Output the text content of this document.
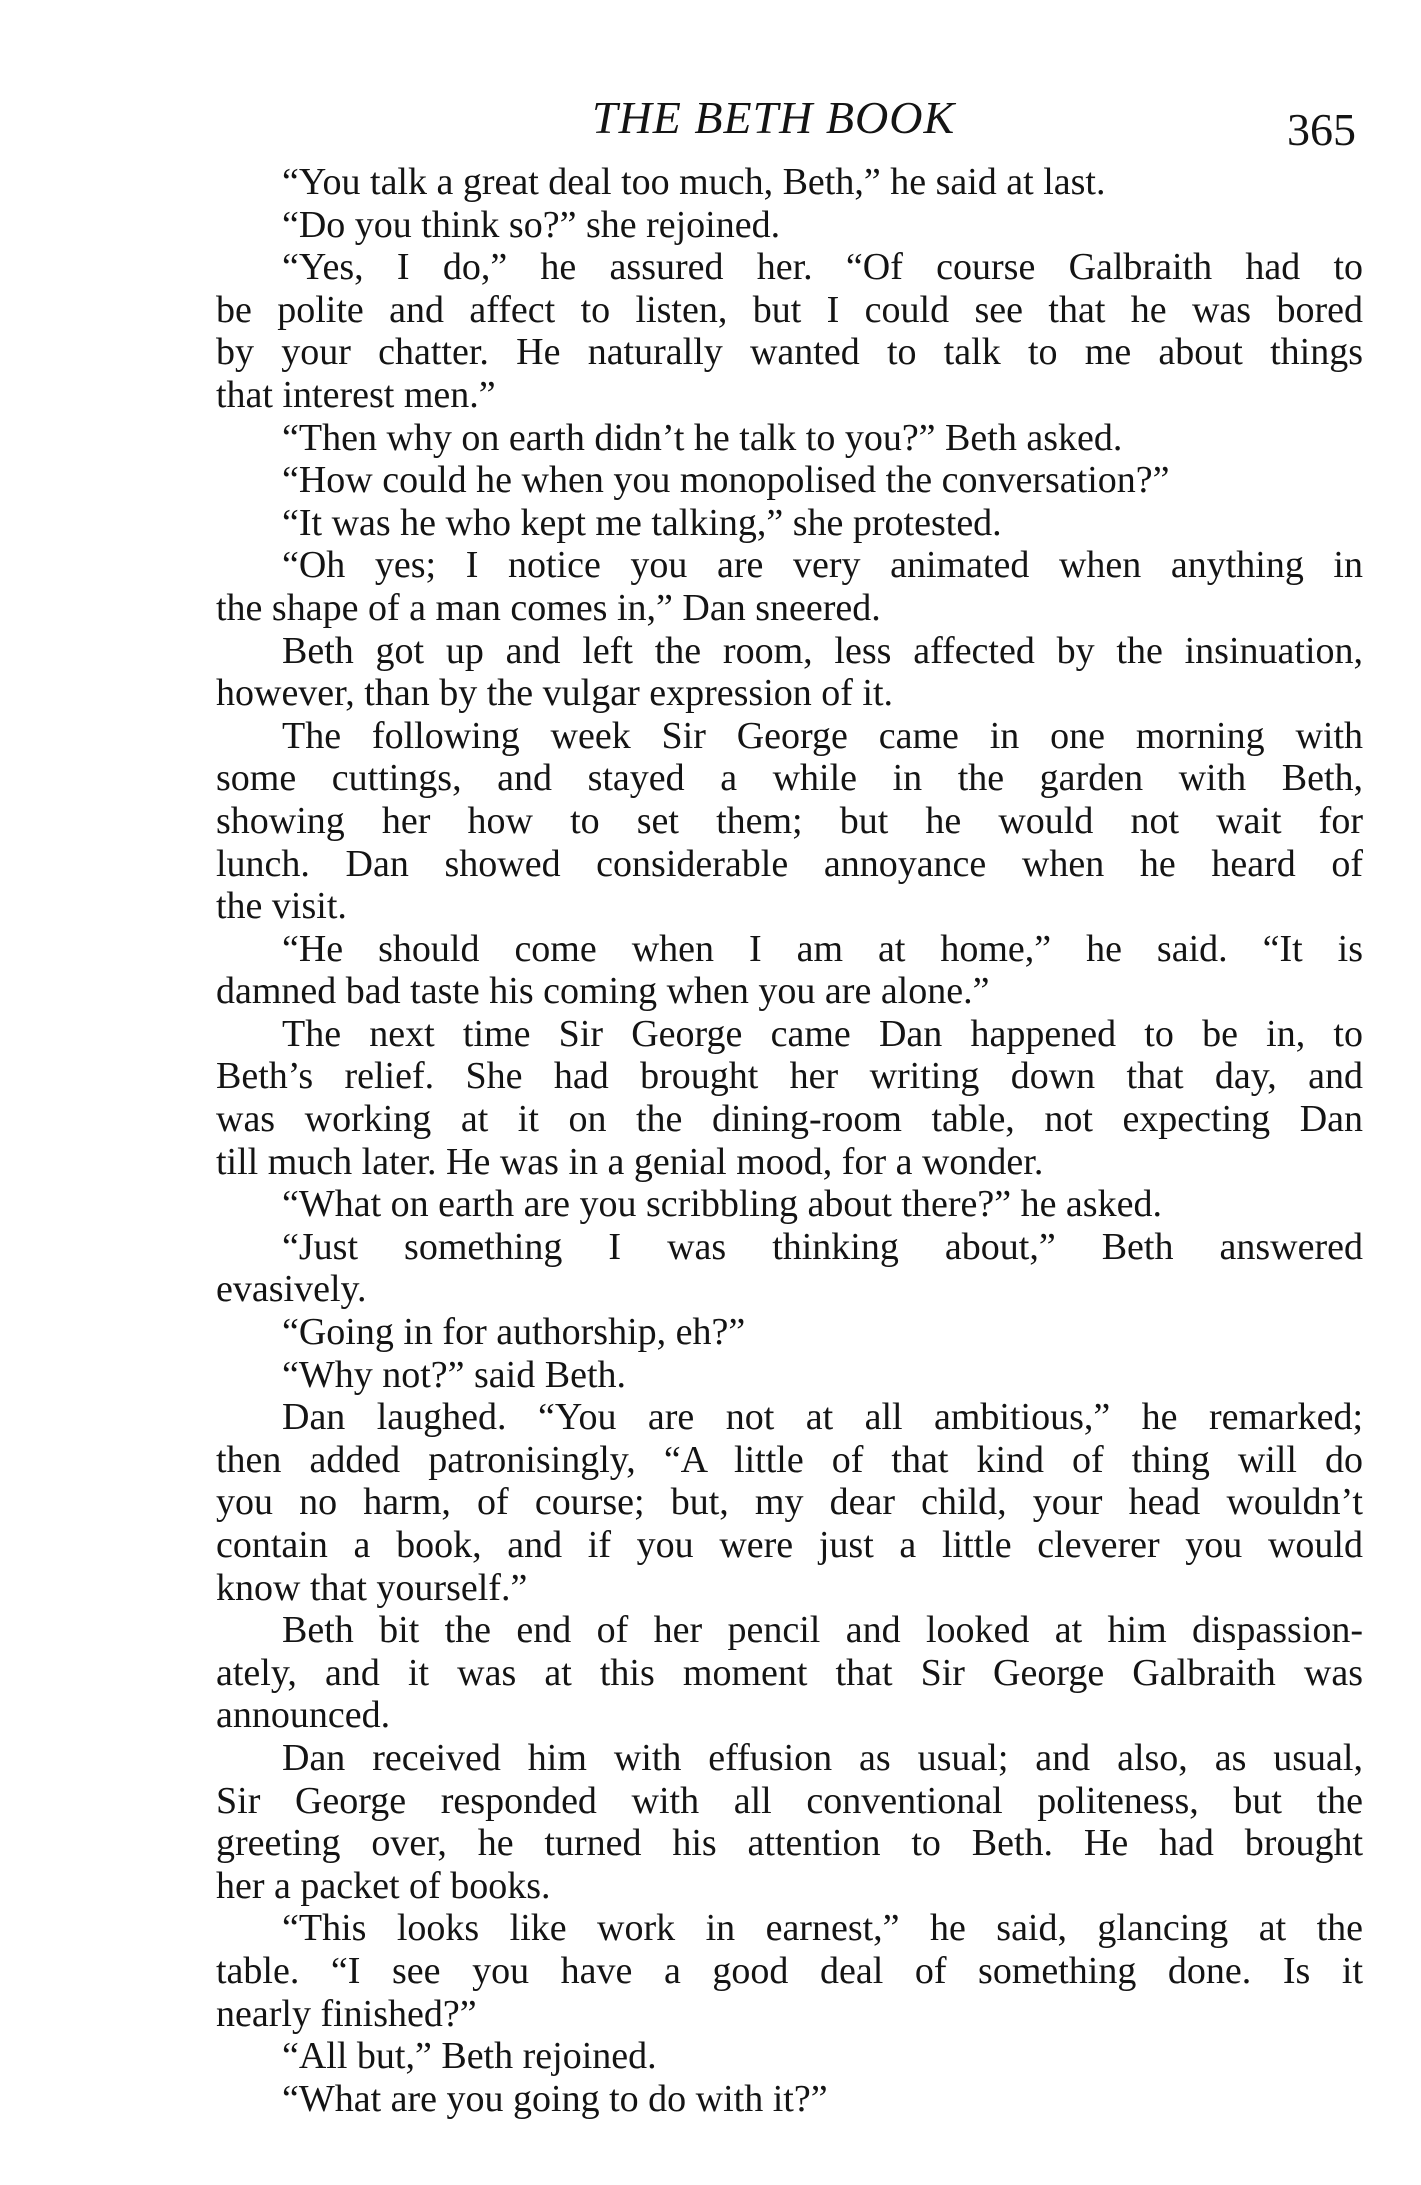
THE BETH BOOK	365
“You talk a great deal too much, Beth,” he said at last.
“Do you think so?” she rejoined.
“Yes, I do,” he assured her. “Of course Galbraith had to
be polite and affect to listen, but I could see that he was bored
by your chatter. He naturally wanted to talk to me about things
that interest men.”
“Then why on earth didn’t he talk to you?” Beth asked.
“How could he when you monopolised the conversation?”
“It was he who kept me talking,” she protested.
“Oh yes; I notice you are very animated when anything in
the shape of a man comes in,” Dan sneered.
Beth got up and left the room, less affected by the insinuation,
however, than by the vulgar expression of it.
The following week Sir George came in one morning with
some cuttings, and stayed a while in the garden with Beth,
showing her how to set them; but he would not wait for
lunch. Dan showed considerable annoyance when he heard of
the visit.
“He should come when I am at home,” he said. “It is
damned bad taste his coming when you are alone.”
The next time Sir George came Dan happened to be in, to
Beth’s relief. She had brought her writing down that day, and
was working at it on the dining-room table, not expecting Dan
till much later. He was in a genial mood, for a wonder.
“What on earth are you scribbling about there?” he asked.
“Just something I was thinking about,” Beth answered
evasively.
“Going in for authorship, eh?”
“Why not?” said Beth.
Dan laughed. “You are not at all ambitious,” he remarked;
then added patronisingly, “A little of that kind of thing will do
you no harm, of course; but, my dear child, your head wouldn’t
contain a book, and if you were just a little cleverer you would
know that yourself.”
Beth bit the end of her pencil and looked at him dispassion-
ately, and it was at this moment that Sir George Galbraith was
announced.
Dan received him with effusion as usual; and also, as usual,
Sir George responded with all conventional politeness, but the
greeting over, he turned his attention to Beth. He had brought
her a packet of books.
“This looks like work in earnest,” he said, glancing at the
table. “I see you have a good deal of something done. Is it
nearly finished?”
“All but,” Beth rejoined.
“What are you going to do with it?”
